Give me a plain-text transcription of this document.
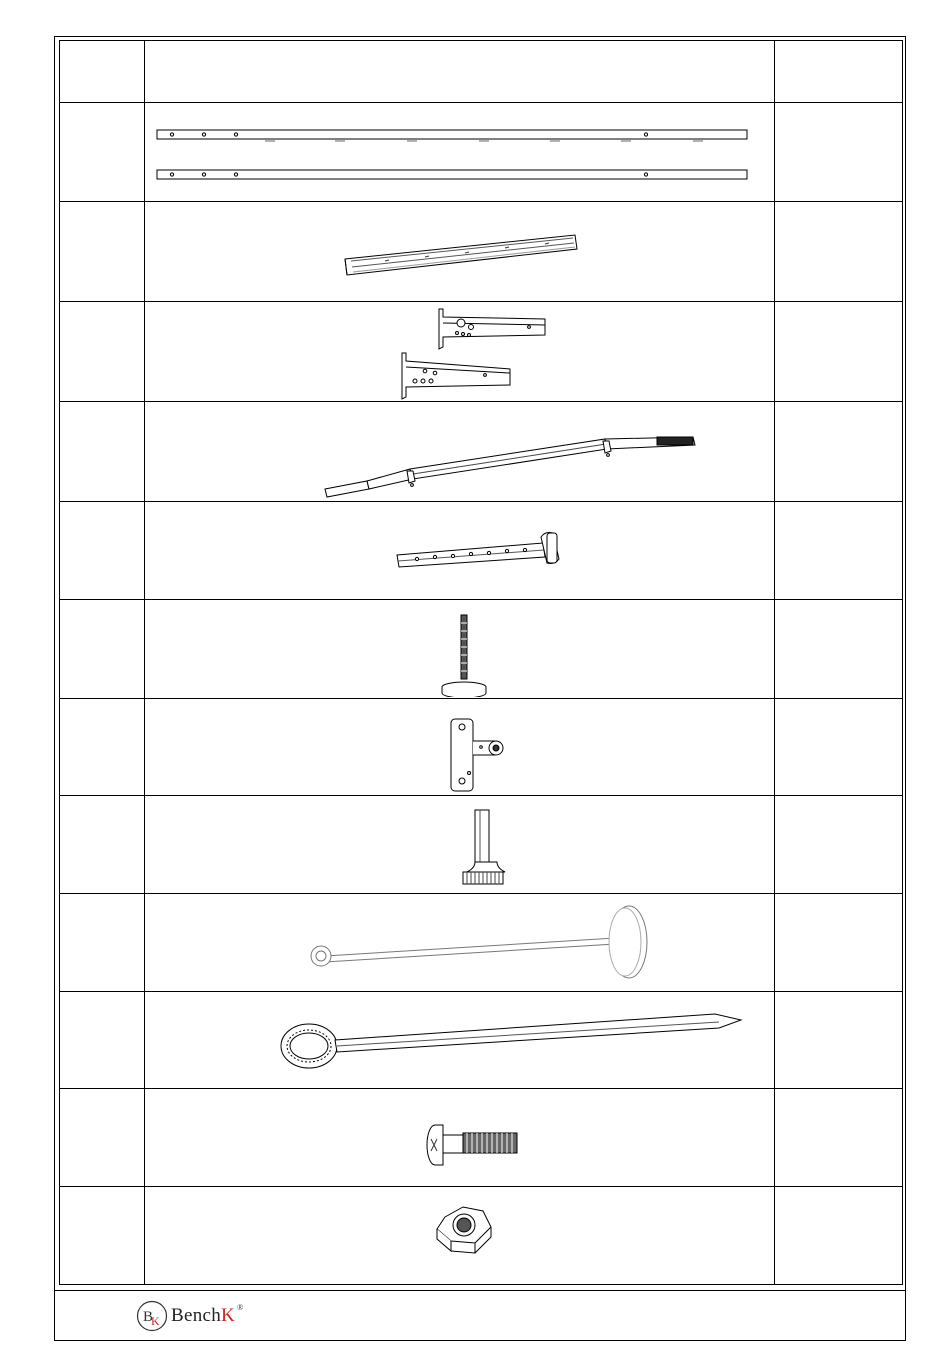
B
K BenchK ®
